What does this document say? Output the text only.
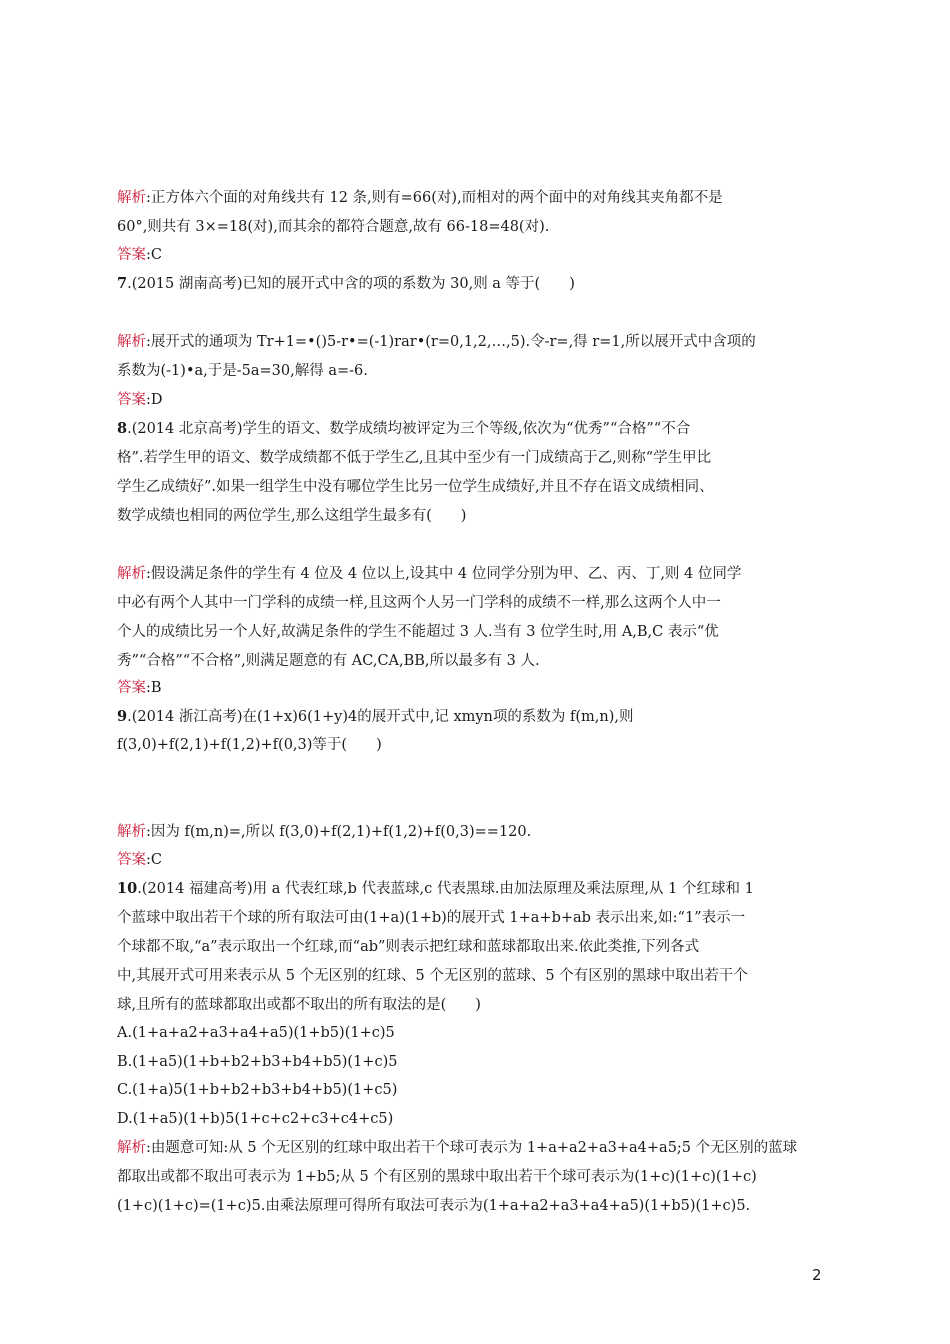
解析:正方体六个面的对角线共有 12 条,则有=66(对),而相对的两个面中的对角线其夹角都不是
60°,则共有 3×=18(对),而其余的都符合题意,故有 66-18=48(对).
答案:C
7.(2015 湖南高考)已知的展开式中含的项的系数为 30,则 a 等于(　　)
解析:展开式的通项为 Tr+1=•()5-r•=(-1)rar•(r=0,1,2,…,5).令-r=,得 r=1,所以展开式中含项的
系数为(-1)•a,于是-5a=30,解得 a=-6.
答案:D
8.(2014 北京高考)学生的语文、数学成绩均被评定为三个等级,依次为“优秀”“合格”“不合
格”.若学生甲的语文、数学成绩都不低于学生乙,且其中至少有一门成绩高于乙,则称“学生甲比
学生乙成绩好”.如果一组学生中没有哪位学生比另一位学生成绩好,并且不存在语文成绩相同、
数学成绩也相同的两位学生,那么这组学生最多有(　　)
解析:假设满足条件的学生有 4 位及 4 位以上,设其中 4 位同学分别为甲、乙、丙、丁,则 4 位同学
中必有两个人其中一门学科的成绩一样,且这两个人另一门学科的成绩不一样,那么这两个人中一
个人的成绩比另一个人好,故满足条件的学生不能超过 3 人.当有 3 位学生时,用 A,B,C 表示“优
秀”“合格”“不合格”,则满足题意的有 AC,CA,BB,所以最多有 3 人.
答案:B
9.(2014 浙江高考)在(1+x)6(1+y)4的展开式中,记 xmyn项的系数为 f(m,n),则
f(3,0)+f(2,1)+f(1,2)+f(0,3)等于(　　)
解析:因为 f(m,n)=,所以 f(3,0)+f(2,1)+f(1,2)+f(0,3)==120.
答案:C
10.(2014 福建高考)用 a 代表红球,b 代表蓝球,c 代表黑球.由加法原理及乘法原理,从 1 个红球和 1
个蓝球中取出若干个球的所有取法可由(1+a)(1+b)的展开式 1+a+b+ab 表示出来,如:“1”表示一
个球都不取,“a”表示取出一个红球,而“ab”则表示把红球和蓝球都取出来.依此类推,下列各式
中,其展开式可用来表示从 5 个无区别的红球、5 个无区别的蓝球、5 个有区别的黑球中取出若干个
球,且所有的蓝球都取出或都不取出的所有取法的是(　　)
A.(1+a+a2+a3+a4+a5)(1+b5)(1+c)5
B.(1+a5)(1+b+b2+b3+b4+b5)(1+c)5
C.(1+a)5(1+b+b2+b3+b4+b5)(1+c5)
D.(1+a5)(1+b)5(1+c+c2+c3+c4+c5)
解析:由题意可知:从 5 个无区别的红球中取出若干个球可表示为 1+a+a2+a3+a4+a5;5 个无区别的蓝球
都取出或都不取出可表示为 1+b5;从 5 个有区别的黑球中取出若干个球可表示为(1+c)(1+c)(1+c)
(1+c)(1+c)=(1+c)5.由乘法原理可得所有取法可表示为(1+a+a2+a3+a4+a5)(1+b5)(1+c)5.
2
